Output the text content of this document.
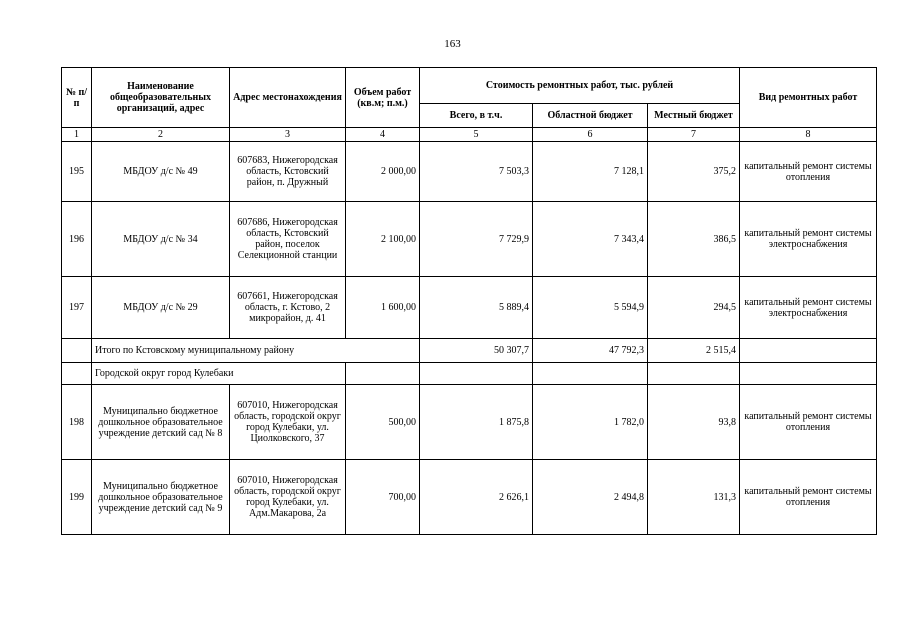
163
№ п/п	Наименование общеобразовательных организаций, адрес	Адрес местонахождения	Объем работ (кв.м; п.м.)	Стоимость ремонтных работ, тыс. рублей			Вид ремонтных работ
				Всего, в т.ч.	Областной бюджет	Местный бюджет	
1	2	3	4	5	6	7	8
195	МБДОУ д/с № 49	607683, Нижегородская область, Кстовский район, п. Дружный	2 000,00	7 503,3	7 128,1	375,2	капитальный ремонт системы отопления
196	МБДОУ д/с № 34	607686, Нижегородская область, Кстовский район, поселок Селекционной станции	2 100,00	7 729,9	7 343,4	386,5	капитальный ремонт системы электроснабжения
197	МБДОУ д/с № 29	607661, Нижегородская область, г. Кстово, 2 микрорайон, д. 41	1 600,00	5 889,4	5 594,9	294,5	капитальный ремонт системы электроснабжения
	Итого по Кстовскому муниципальному району			50 307,7	47 792,3	2 515,4	
	Городской округ город Кулебаки						
198	Муниципально бюджетное дошкольное образовательное учреждение детский сад № 8	607010, Нижегородская область, городской округ город Кулебаки, ул. Циолковского, 37	500,00	1 875,8	1 782,0	93,8	капитальный ремонт системы отопления
199	Муниципально бюджетное дошкольное образовательное учреждение детский сад № 9	607010, Нижегородская область, городской округ город Кулебаки, ул. Адм.Макарова, 2а	700,00	2 626,1	2 494,8	131,3	капитальный ремонт системы отопления
